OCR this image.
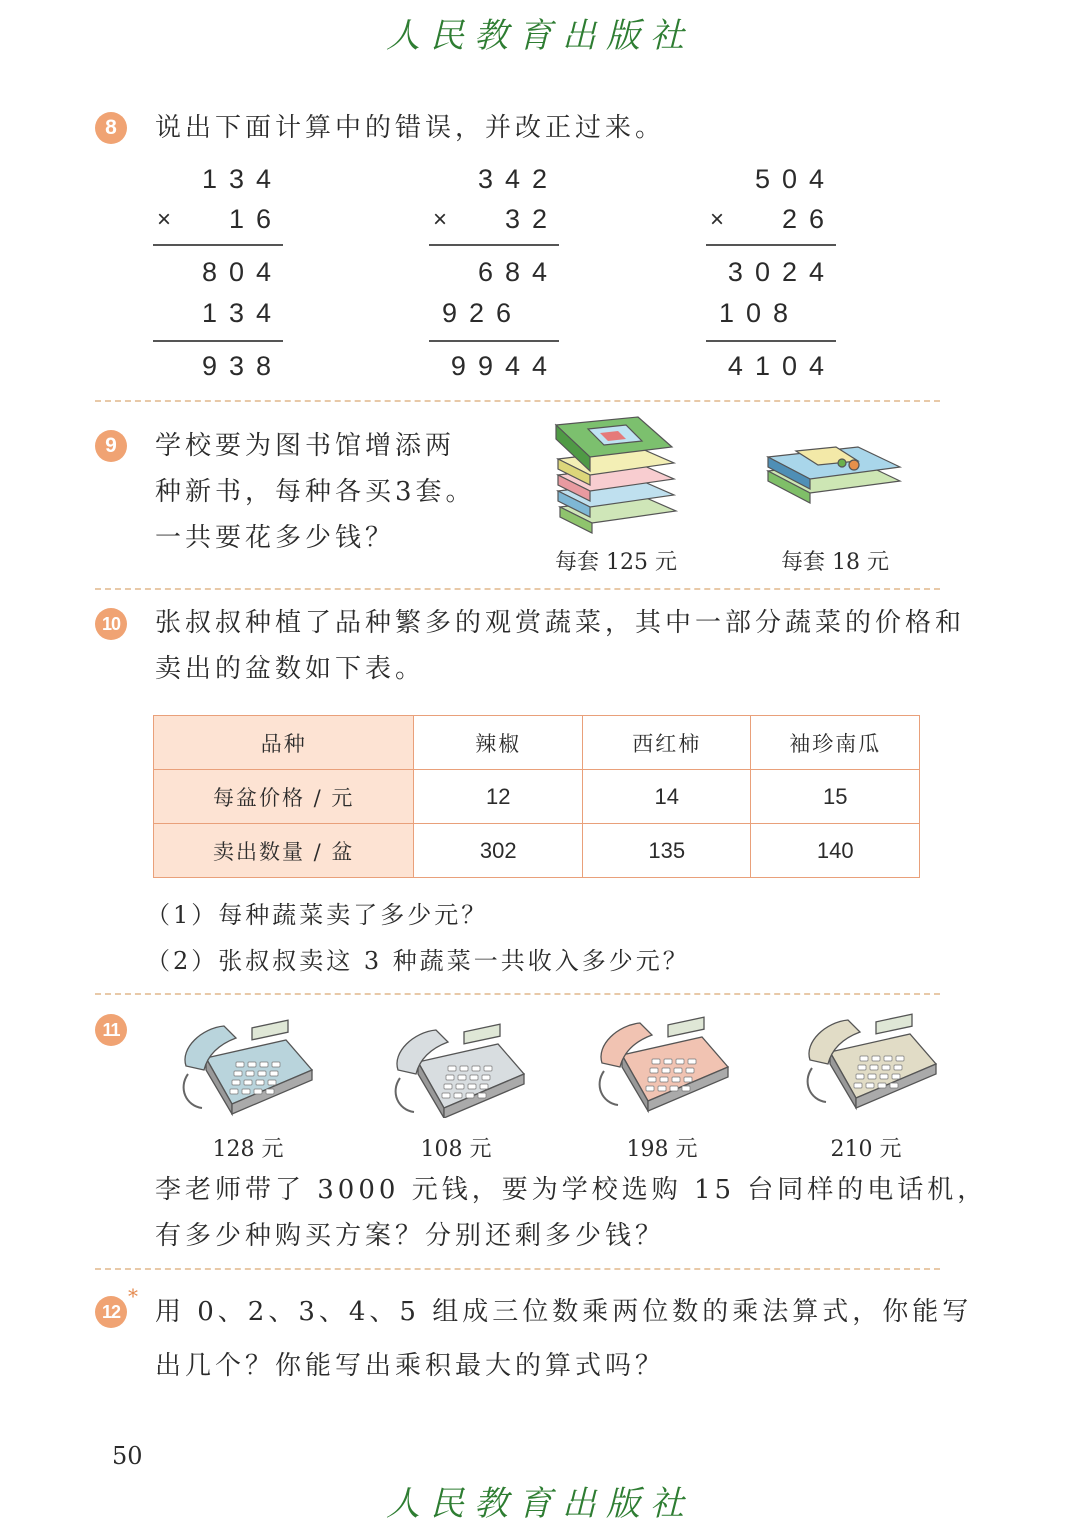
人民教育出版社
8	说出下面计算中的错误，并改正过来。
134
× 16
804
134
938
342
× 32
684
926
9944
504
× 26
3024
108
4104
9	学校要为图书馆增添两
种新书，每种各买3套。
一共要花多少钱？
每套 125 元	每套 18 元
10 张叔叔种植了品种繁多的观赏蔬菜，其中一部分蔬菜的价格和
卖出的盆数如下表。
品种	辣椒	西红柿	袖珍南瓜
每盆价格 / 元	12	14	15
卖出数量 / 盆	302	135	140
（1）每种蔬菜卖了多少元？
（2）张叔叔卖这 3 种蔬菜一共收入多少元？
11
128 元	108 元	198 元	210 元
李老师带了 3000 元钱，要为学校选购 15 台同样的电话机，
有多少种购买方案？分别还剩多少钱？
12
*
用 0、2、3、4、5 组成三位数乘两位数的乘法算式，你能写
出几个？你能写出乘积最大的算式吗？
50
人民教育出版社
